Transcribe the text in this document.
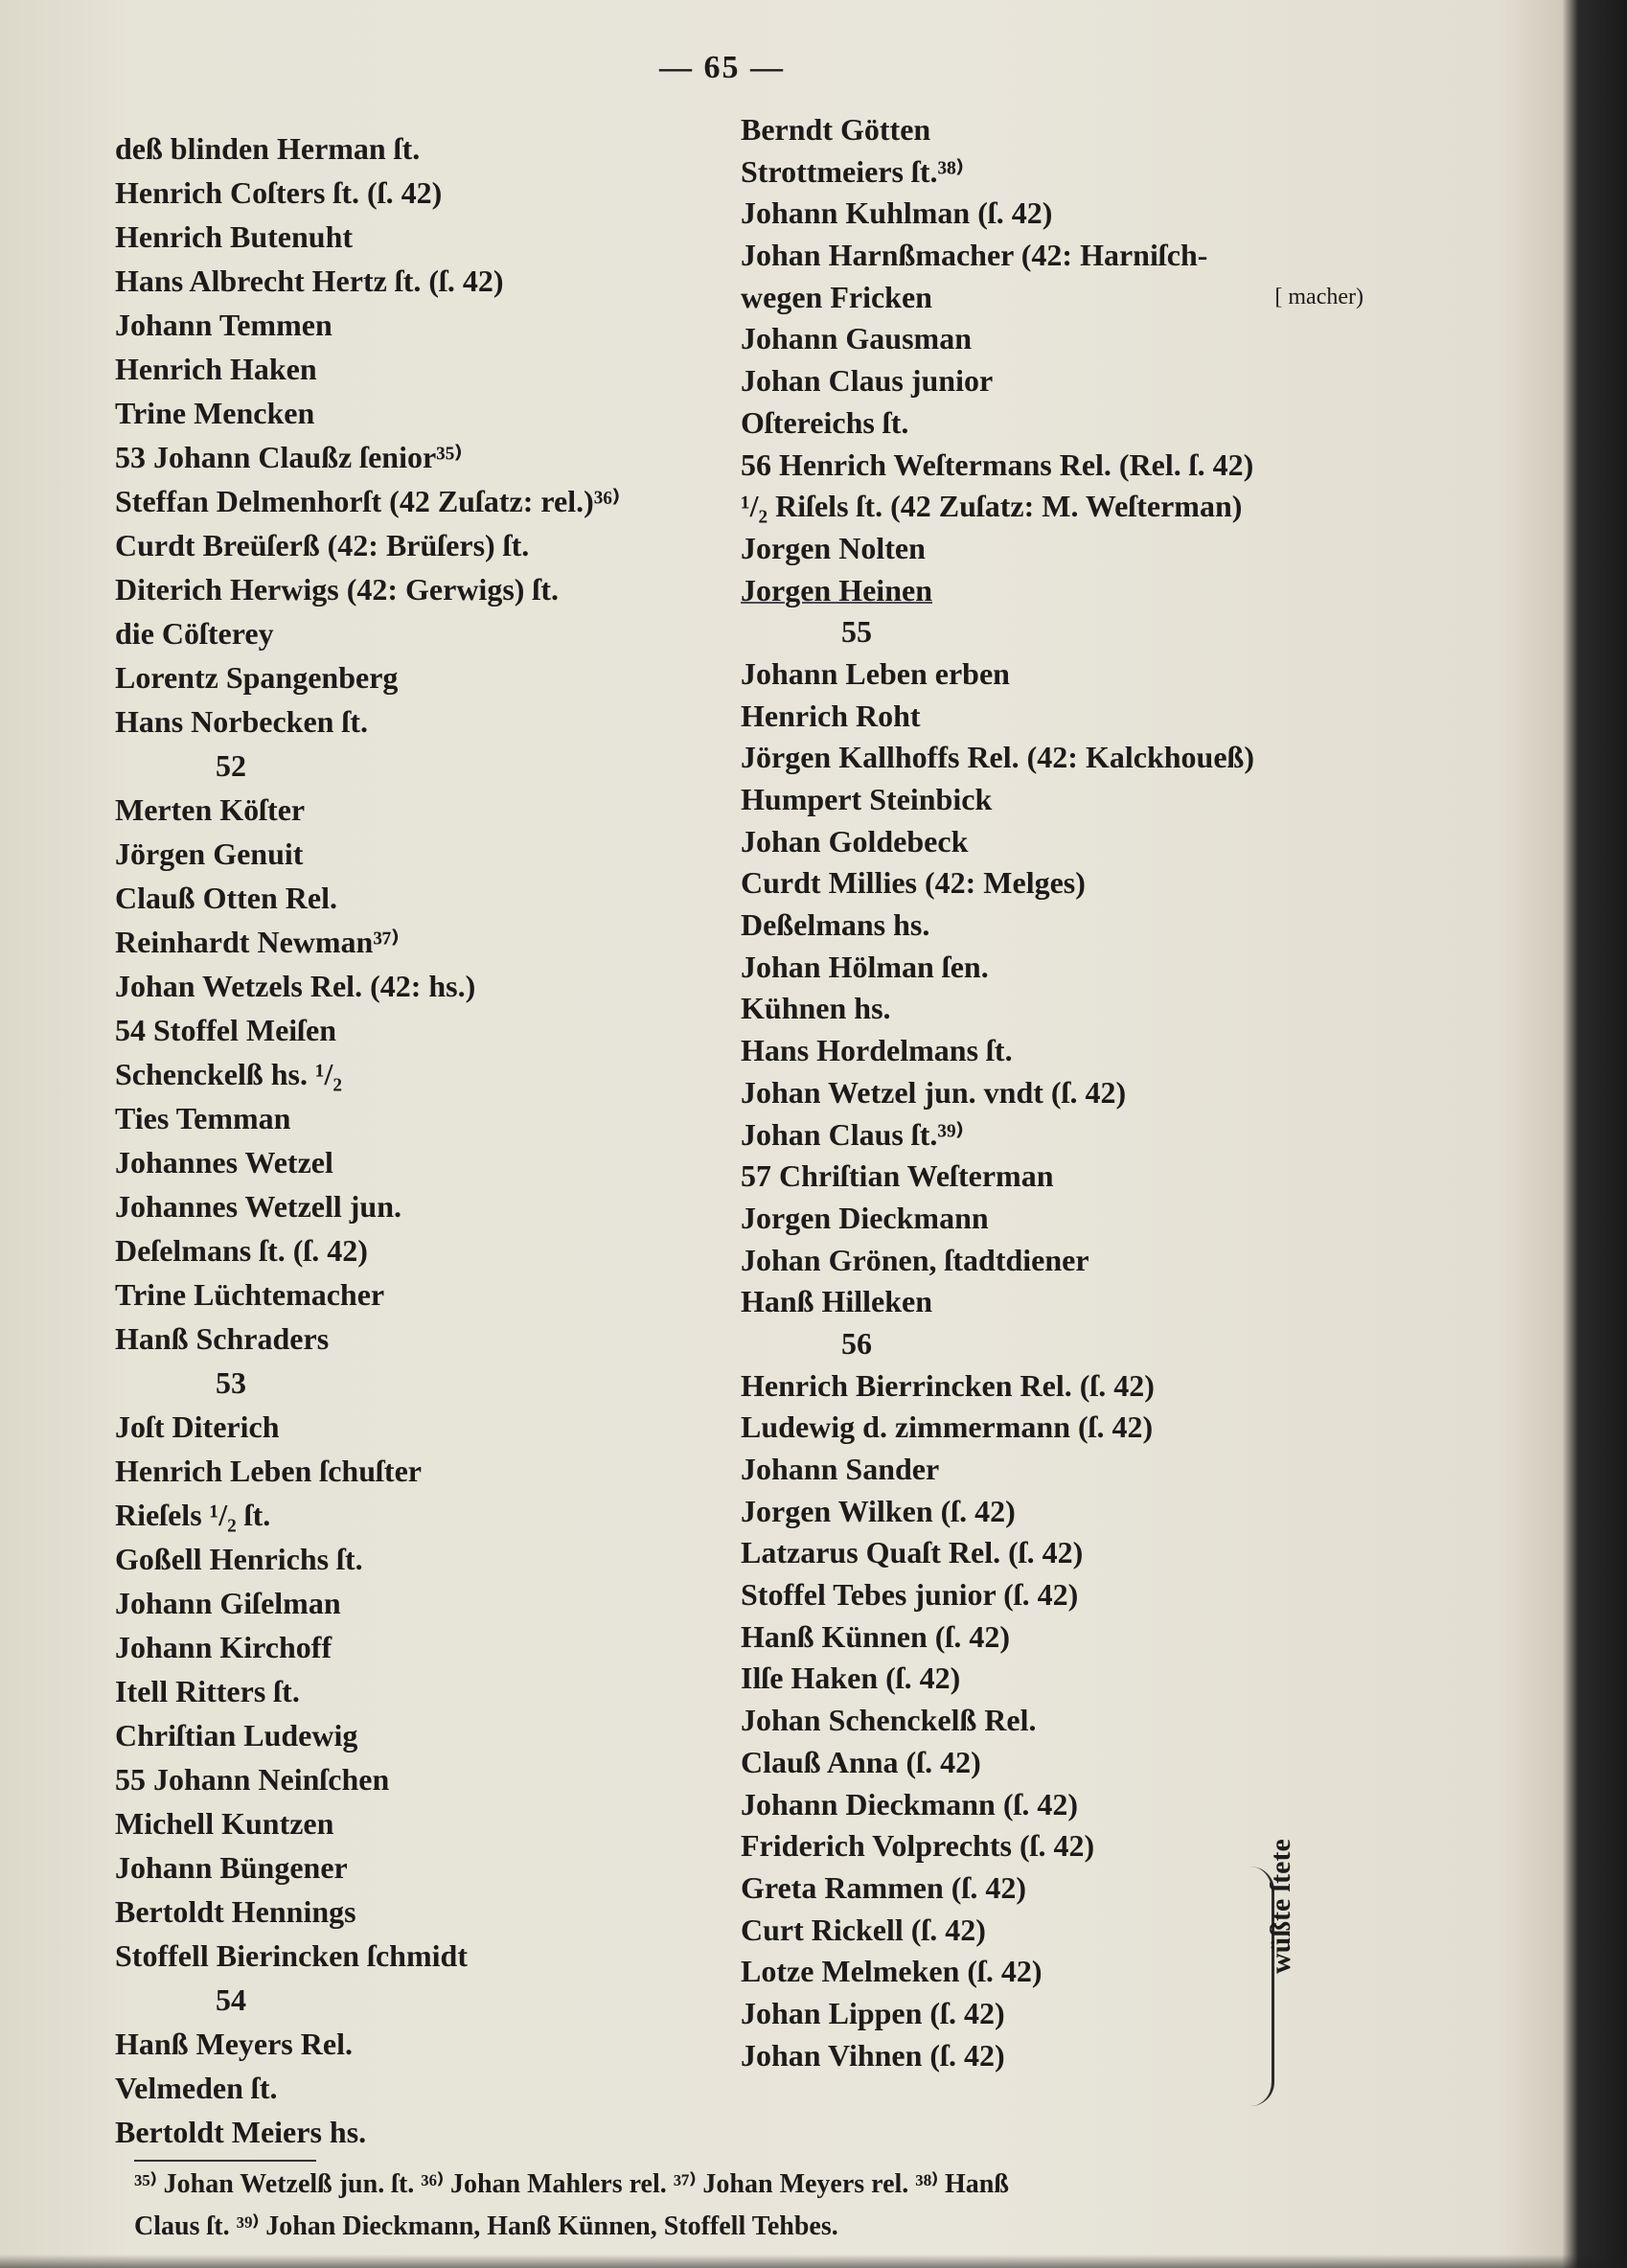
— 65 —
deß blinden Herman ſt.
Henrich Coſters ſt. (ſ. 42)
Henrich Butenuht
Hans Albrecht Hertz ſt. (ſ. 42)
Johann Temmen
Henrich Haken
Trine Mencken
53 Johann Claußz ſenior³⁵⁾
Steffan Delmenhorſt (42 Zuſatz: rel.)³⁶⁾
Curdt Breüſerß (42: Brüſers) ſt.
Diterich Herwigs (42: Gerwigs) ſt.
die Cöſterey
Lorentz Spangenberg
Hans Norbecken ſt.
52
Merten Köſter
Jörgen Genuit
Clauß Otten Rel.
Reinhardt Newman³⁷⁾
Johan Wetzels Rel. (42: hs.)
54 Stoffel Meiſen
Schenckelß hs. ¹/₂
Ties Temman
Johannes Wetzel
Johannes Wetzell jun.
Deſelmans ſt. (ſ. 42)
Trine Lüchtemacher
Hanß Schraders
53
Joſt Diterich
Henrich Leben ſchuſter
Rieſels ¹/₂ ſt.
Goßell Henrichs ſt.
Johann Giſelman
Johann Kirchoff
Itell Ritters ſt.
Chriſtian Ludewig
55 Johann Neinſchen
Michell Kuntzen
Johann Büngener
Bertoldt Hennings
Stoffell Bierincken ſchmidt
54
Hanß Meyers Rel.
Velmeden ſt.
Bertoldt Meiers hs.
Berndt Götten
Strottmeiers ſt.³⁸⁾
Johann Kuhlman (ſ. 42)
Johan Harnßmacher (42: Harniſch-
wegen Fricken	[ macher)
Johann Gausman
Johan Claus junior
Oſtereichs ſt.
56 Henrich Weſtermans Rel. (Rel. ſ. 42)
¹/₂ Riſels ſt. (42 Zuſatz: M. Weſterman)
Jorgen Nolten
Jorgen Heinen
55
Johann Leben erben
Henrich Roht
Jörgen Kallhoffs Rel. (42: Kalckhoueß)
Humpert Steinbick
Johan Goldebeck
Curdt Millies (42: Melges)
Deßelmans hs.
Johan Hölman ſen.
Kühnen hs.
Hans Hordelmans ſt.
Johan Wetzel jun. vndt (ſ. 42)
Johan Claus ſt.³⁹⁾
57 Chriſtian Weſterman
Jorgen Dieckmann
Johan Grönen, ſtadtdiener
Hanß Hilleken
56
Henrich Bierrincken Rel. (ſ. 42)
Ludewig d. zimmermann (ſ. 42)
Johann Sander
Jorgen Wilken (ſ. 42)
Latzarus Quaſt Rel. (ſ. 42)
Stoffel Tebes junior (ſ. 42)
Hanß Künnen (ſ. 42)
Ilſe Haken (ſ. 42)
Johan Schenckelß Rel.
Clauß Anna (ſ. 42)
Johann Dieckmann (ſ. 42)
Friderich Volprechts (ſ. 42)
Greta Rammen (ſ. 42)
Curt Rickell (ſ. 42)
Lotze Melmeken (ſ. 42)
Johan Lippen (ſ. 42)
Johan Vihnen (ſ. 42)
wüßte ſtete
³⁵⁾ Johan Wetzelß jun. ſt. ³⁶⁾ Johan Mahlers rel. ³⁷⁾ Johan Meyers rel. ³⁸⁾ Hanß
Claus ſt. ³⁹⁾ Johan Dieckmann, Hanß Künnen, Stoffell Tehbes.
